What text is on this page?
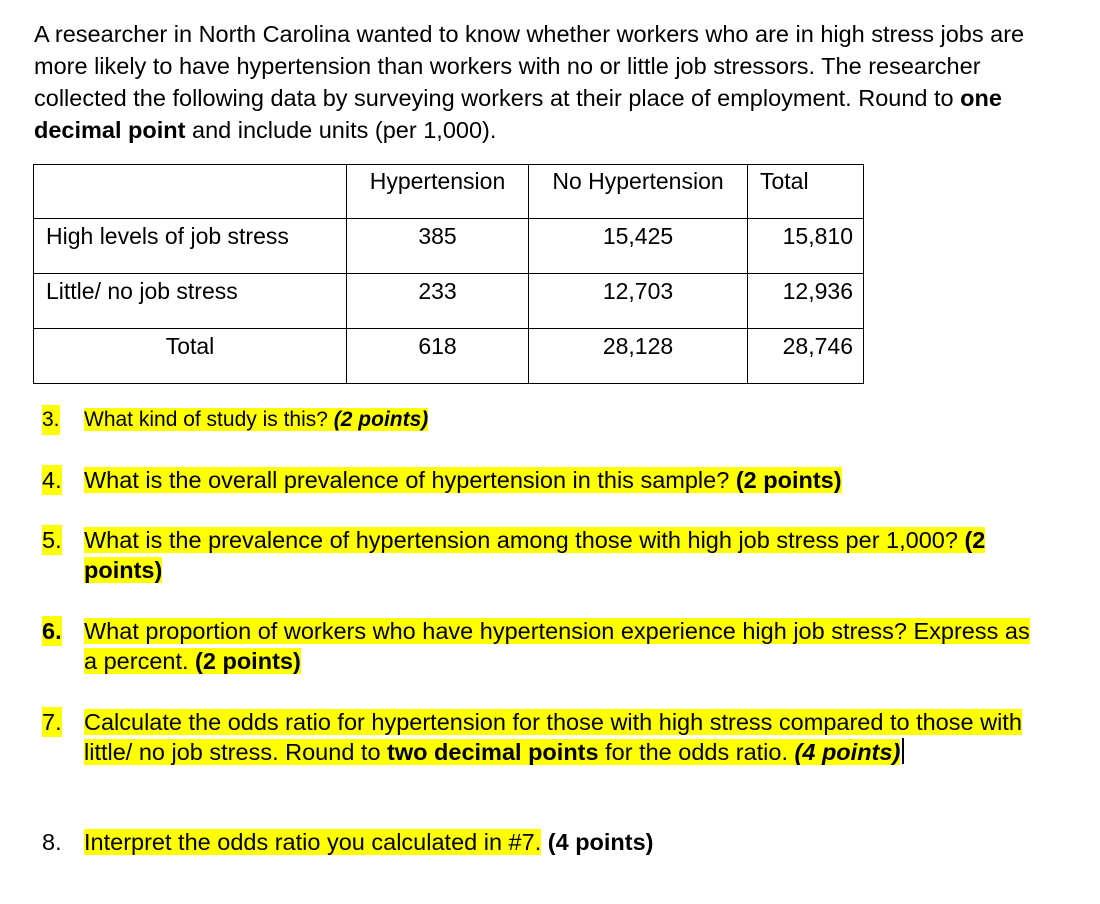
A researcher in North Carolina wanted to know whether workers who are in high stress jobs are more likely to have hypertension than workers with no or little job stressors. The researcher collected the following data by surveying workers at their place of employment. Round to one decimal point and include units (per 1,000).

	Hypertension	No Hypertension	Total
High levels of job stress	385	15,425	15,810

Little/ no job stress	233	12,703	12,936

Total	618	28,128	28,746
3. What kind of study is this? (2 points)
4. What is the overall prevalence of hypertension in this sample? (2 points)
5. What is the prevalence of hypertension among those with high job stress per 1,000? (2 points)
6. What proportion of workers who have hypertension experience high job stress? Express as a percent. (2 points)
7. Calculate the odds ratio for hypertension for those with high stress compared to those with little/ no job stress. Round to two decimal points for the odds ratio. (4 points)
8. Interpret the odds ratio you calculated in #7. (4 points)
